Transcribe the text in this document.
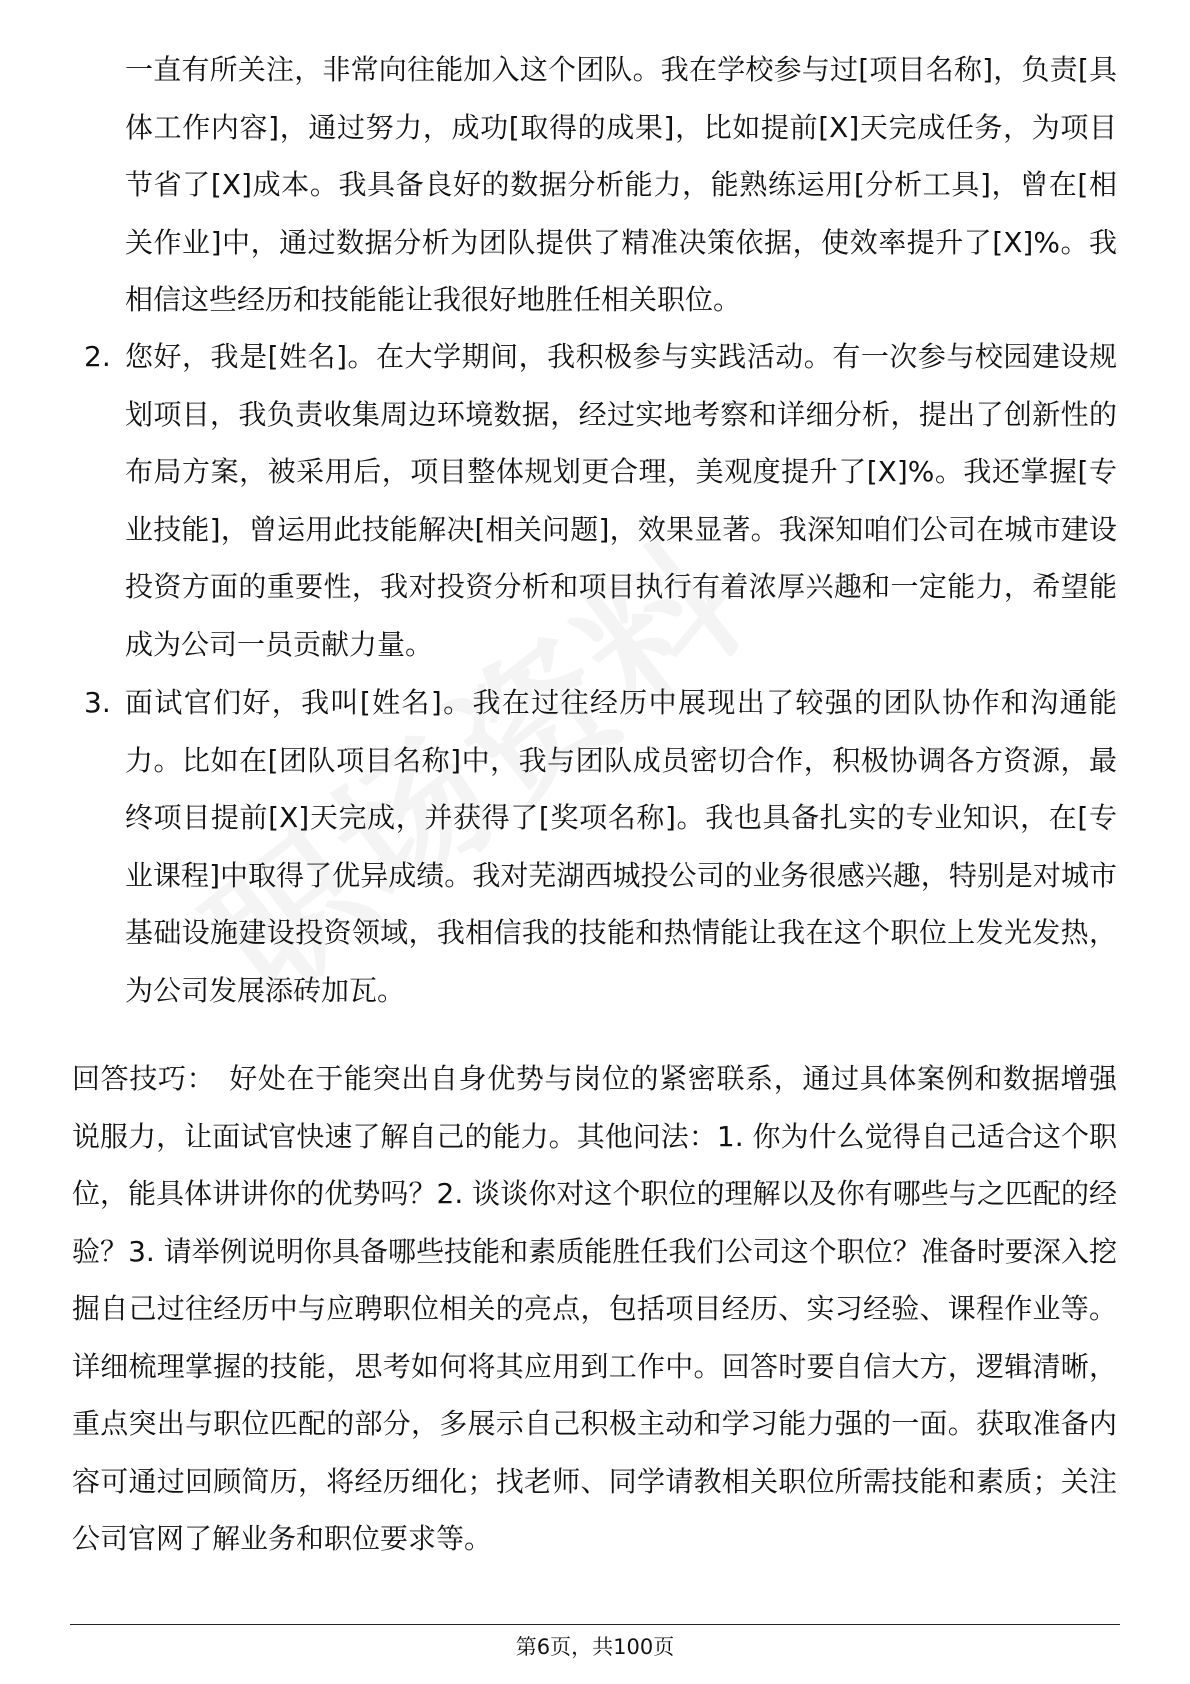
一直有所关注，非常向往能加入这个团队。我在学校参与过[项目名称]，负责[具体工作内容]，通过努力，成功[取得的成果]，比如提前[X]天完成任务，为项目节省了[X]成本。我具备良好的数据分析能力，能熟练运用[分析工具]，曾在[相关作业]中，通过数据分析为团队提供了精准决策依据，使效率提升了[X]%。我相信这些经历和技能能让我很好地胜任相关职位。

2. 您好，我是[姓名]。在大学期间，我积极参与实践活动。有一次参与校园建设规划项目，我负责收集周边环境数据，经过实地考察和详细分析，提出了创新性的布局方案，被采用后，项目整体规划更合理，美观度提升了[X]%。我还掌握[专业技能]，曾运用此技能解决[相关问题]，效果显著。我深知咱们公司在城市建设投资方面的重要性，我对投资分析和项目执行有着浓厚兴趣和一定能力，希望能成为公司一员贡献力量。

3. 面试官们好，我叫[姓名]。我在过往经历中展现出了较强的团队协作和沟通能力。比如在[团队项目名称]中，我与团队成员密切合作，积极协调各方资源，最终项目提前[X]天完成，并获得了[奖项名称]。我也具备扎实的专业知识，在[专业课程]中取得了优异成绩。我对芜湖西城投公司的业务很感兴趣，特别是对城市基础设施建设投资领域，我相信我的技能和热情能让我在这个职位上发光发热，为公司发展添砖加瓦。

回答技巧： 好处在于能突出自身优势与岗位的紧密联系，通过具体案例和数据增强说服力，让面试官快速了解自己的能力。其他问法：1. 你为什么觉得自己适合这个职位，能具体讲讲你的优势吗？2. 谈谈你对这个职位的理解以及你有哪些与之匹配的经验？3. 请举例说明你具备哪些技能和素质能胜任我们公司这个职位？准备时要深入挖掘自己过往经历中与应聘职位相关的亮点，包括项目经历、实习经验、课程作业等。详细梳理掌握的技能，思考如何将其应用到工作中。回答时要自信大方，逻辑清晰，重点突出与职位匹配的部分，多展示自己积极主动和学习能力强的一面。获取准备内容可通过回顾简历，将经历细化；找老师、同学请教相关职位所需技能和素质；关注公司官网了解业务和职位要求等。

第6页，共100页
